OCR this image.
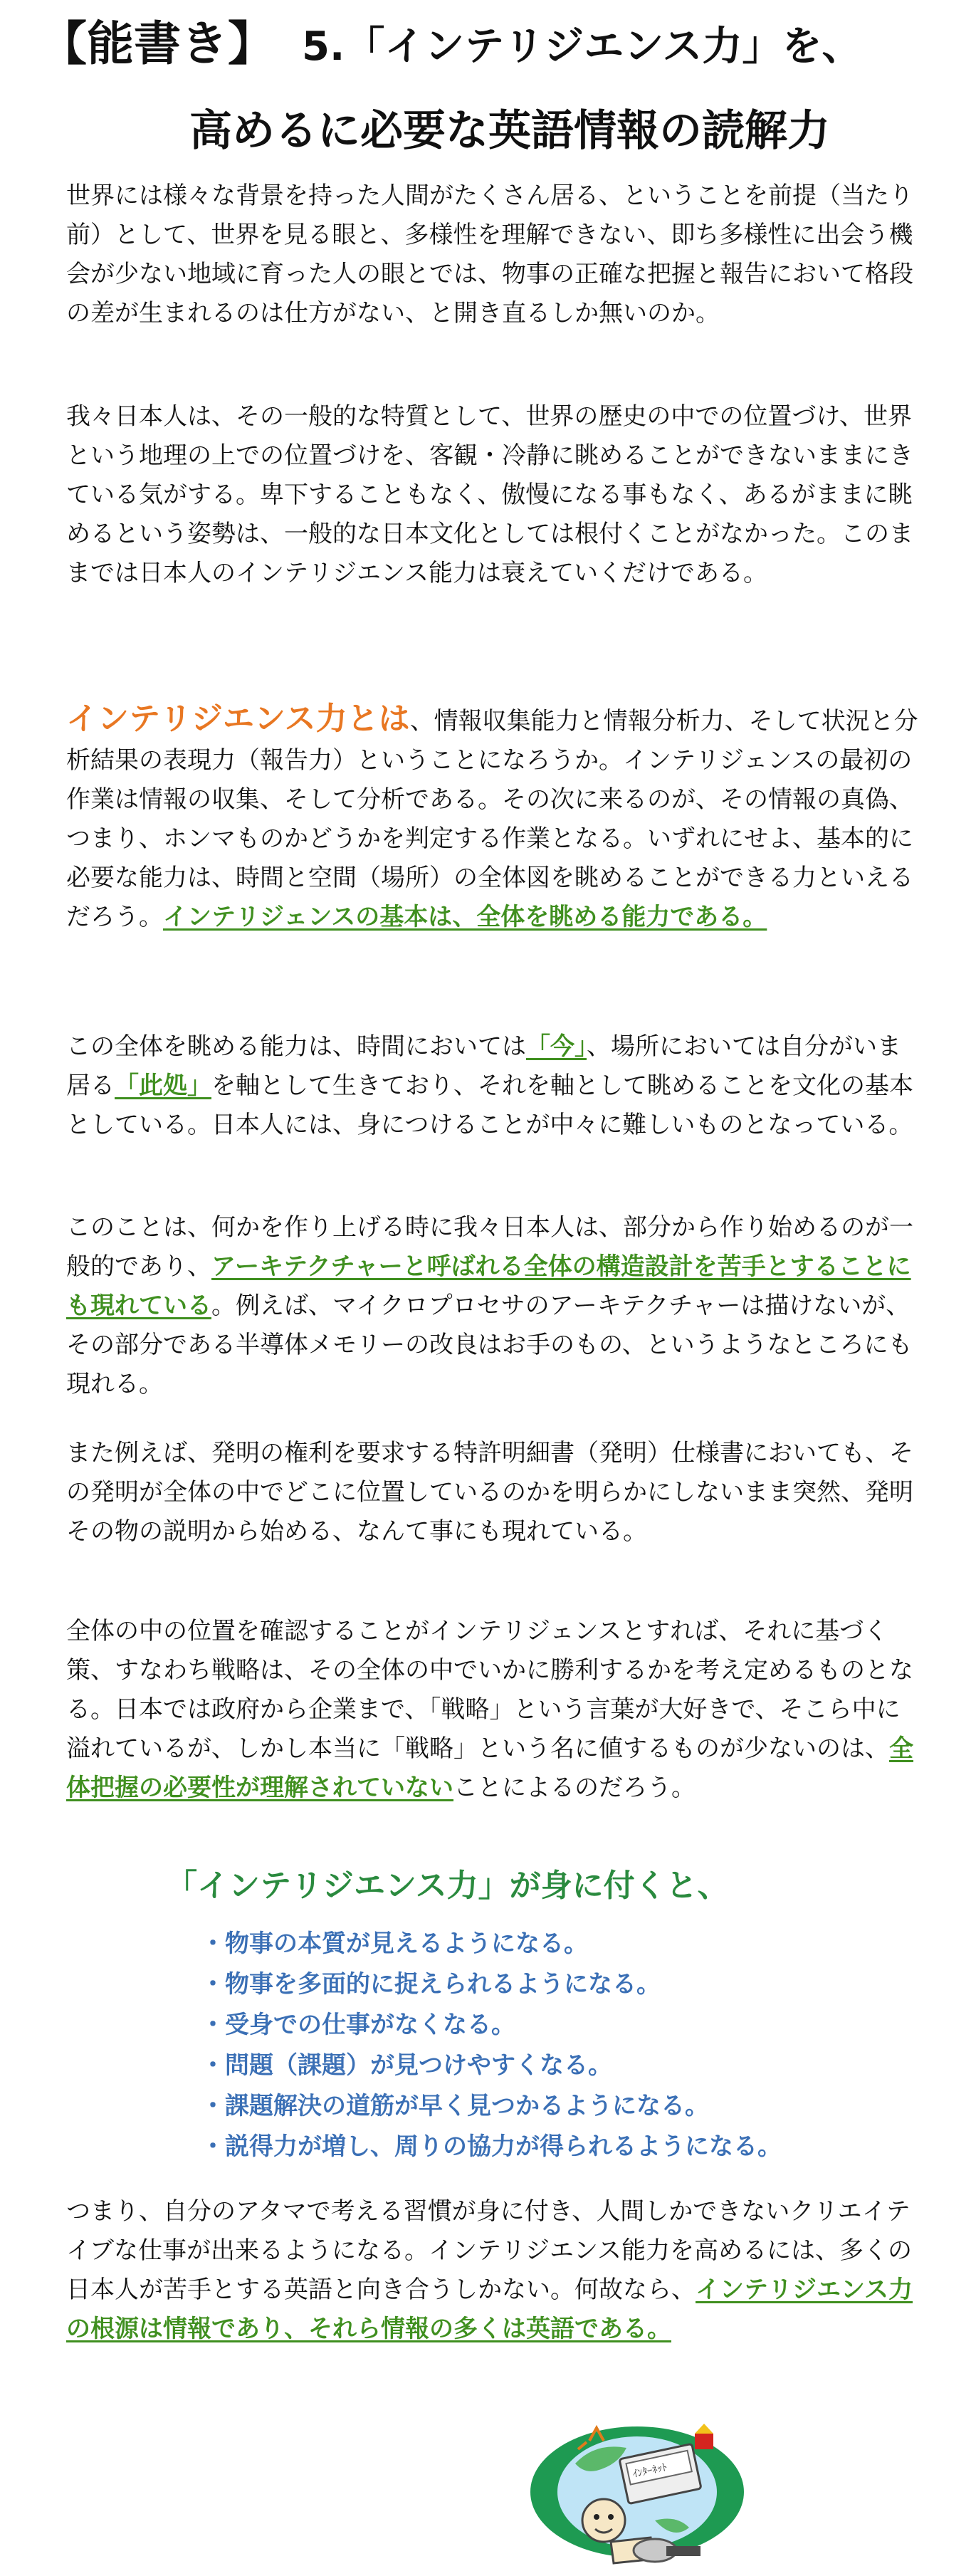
【能書き】 5.「インテリジエンス力」を、
高めるに必要な英語情報の読解力

世界には様々な背景を持った人間がたくさん居る、ということを前提（当たり前）として、世界を見る眼と、多様性を理解できない、即ち多様性に出会う機会が少ない地域に育った人の眼とでは、物事の正確な把握と報告において格段の差が生まれるのは仕方がない、と開き直るしか無いのか。

我々日本人は、その一般的な特質として、世界の歴史の中での位置づけ、世界という地理の上での位置づけを、客観・冷静に眺めることができないままにきている気がする。卑下することもなく、傲慢になる事もなく、あるがままに眺めるという姿勢は、一般的な日本文化としては根付くことがなかった。このままでは日本人のインテリジエンス能力は衰えていくだけである。

インテリジエンス力とは、情報収集能力と情報分析力、そして状況と分析結果の表現力（報告力）ということになろうか。インテリジェンスの最初の作業は情報の収集、そして分析である。その次に来るのが、その情報の真偽、つまり、ホンマものかどうかを判定する作業となる。いずれにせよ、基本的に必要な能力は、時間と空間（場所）の全体図を眺めることができる力といえるだろう。インテリジェンスの基本は、全体を眺める能力である。

この全体を眺める能力は、時間においては「今」、場所においては自分がいま居る「此処」を軸として生きており、それを軸として眺めることを文化の基本としている。日本人には、身につけることが中々に難しいものとなっている。

このことは、何かを作り上げる時に我々日本人は、部分から作り始めるのが一般的であり、アーキテクチャーと呼ばれる全体の構造設計を苦手とすることにも現れている。例えば、マイクロプロセサのアーキテクチャーは描けないが、その部分である半導体メモリーの改良はお手のもの、というようなところにも現れる。

また例えば、発明の権利を要求する特許明細書（発明）仕様書においても、その発明が全体の中でどこに位置しているのかを明らかにしないまま突然、発明その物の説明から始める、なんて事にも現れている。

全体の中の位置を確認することがインテリジェンスとすれば、それに基づく策、すなわち戦略は、その全体の中でいかに勝利するかを考え定めるものとなる。日本では政府から企業まで、「戦略」という言葉が大好きで、そこら中に溢れているが、しかし本当に「戦略」という名に値するものが少ないのは、全体把握の必要性が理解されていないことによるのだろう。

「インテリジエンス力」が身に付くと、
・物事の本質が見えるようになる。
・物事を多面的に捉えられるようになる。
・受身での仕事がなくなる。
・問題（課題）が見つけやすくなる。
・課題解決の道筋が早く見つかるようになる。
・説得力が増し、周りの協力が得られるようになる。

つまり、自分のアタマで考える習慣が身に付き、人間しかできないクリエイテイブな仕事が出来るようになる。インテリジエンス能力を高めるには、多くの日本人が苦手とする英語と向き合うしかない。何故なら、インテリジエンス力の根源は情報であり、それら情報の多くは英語である。

ｲﾝﾀｰﾈｯﾄ
